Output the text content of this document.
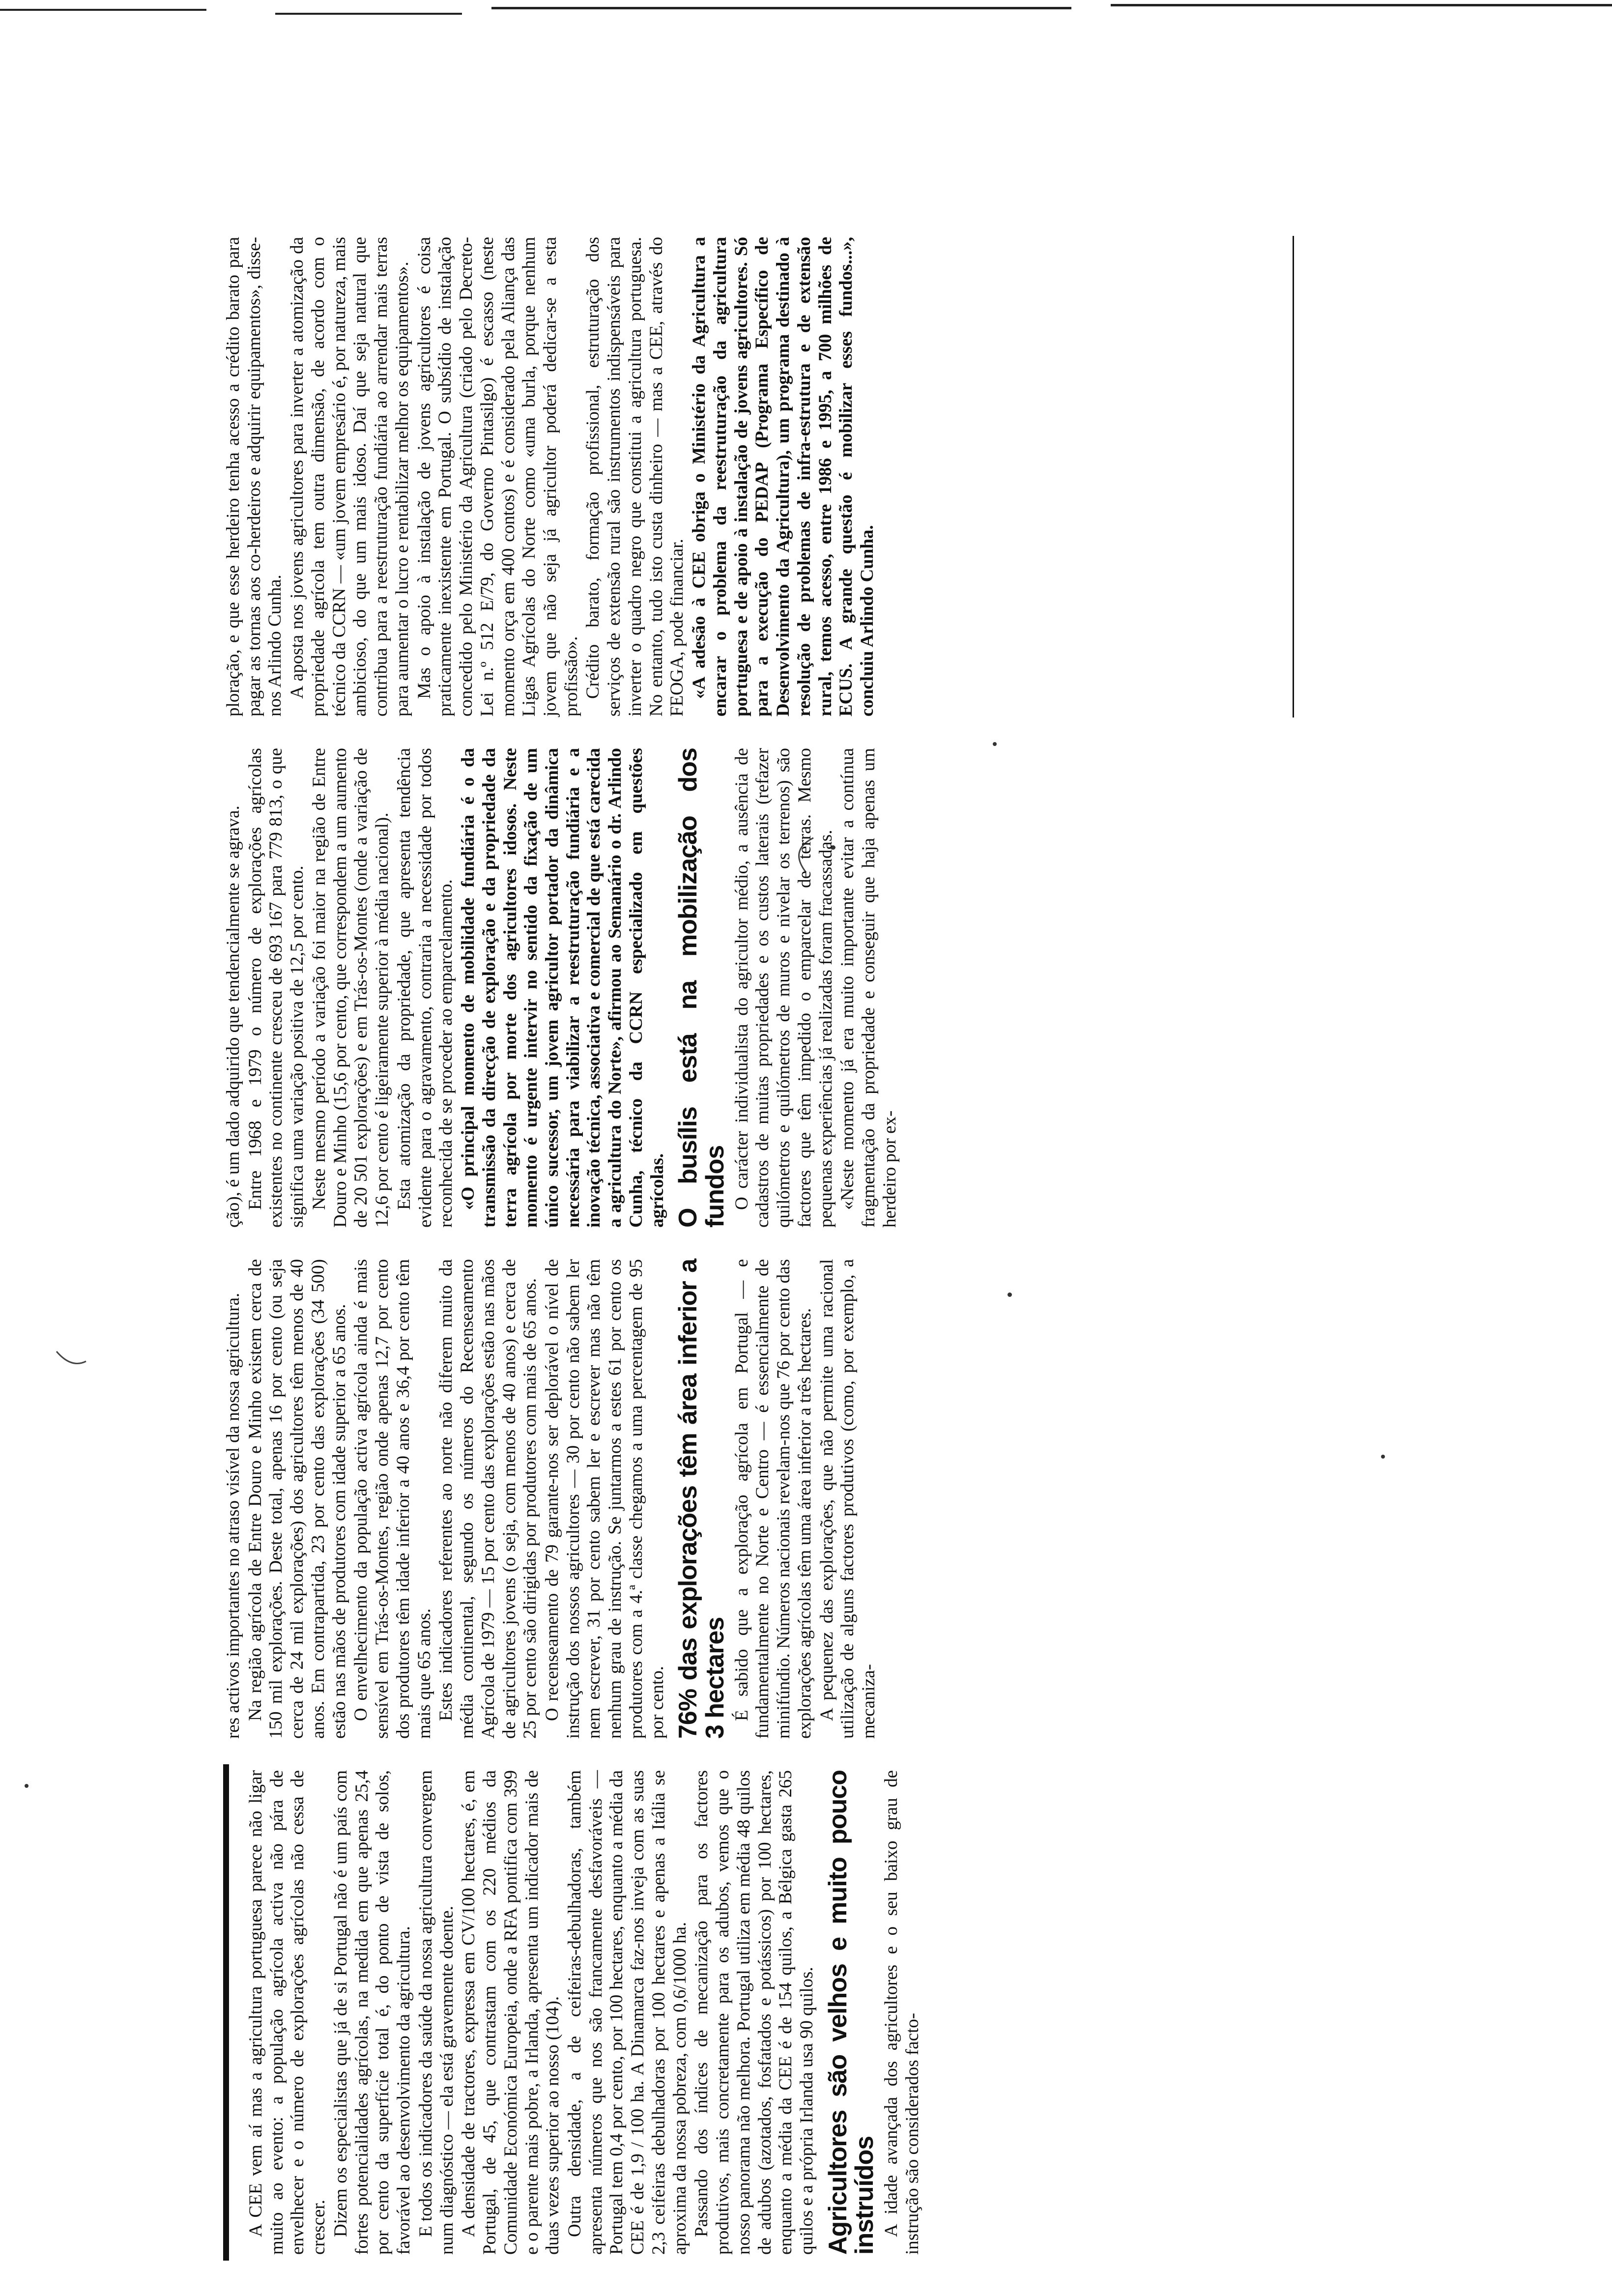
A CEE vem aí mas a agricultura portuguesa parece não ligar muito ao evento: a população agrícola activa não pára de envelhecer e o número de explorações agrícolas não cessa de crescer. Dizem os especialistas que já de si Portugal não é um país com fortes potencialidades agrícolas, na medida em que apenas 25,4 por cento da superfície total é, do ponto de vista de solos, favorável ao desenvolvimento da agricultura. E todos os indicadores da saúde da nossa agricultura convergem num diagnóstico — ela está gravemente doente. A densidade de tractores, expressa em CV/100 hectares, é, em Portugal, de 45, que contrastam com os 220 médios da Comunidade Económica Europeia, onde a RFA pontifica com 399 e o parente mais pobre, a Irlanda, apresenta um indicador mais de duas vezes superior ao nosso (104). Outra densidade, a de ceifeiras-debulhadoras, também apresenta números que nos são francamente desfavoráveis — Portugal tem 0,4 por cento, por 100 hectares, enquanto a média da CEE é de 1,9 / 100 ha. A Dinamarca faz-nos inveja com as suas 2,3 ceifeiras debulhadoras por 100 hectares e apenas a Itália se aproxima da nossa pobreza, com 0,6/1000 ha. Passando dos índices de mecanização para os factores produtivos, mais concretamente para os adubos, vemos que o nosso panorama não melhora. Portugal utiliza em média 48 quilos de adubos (azotados, fosfatados e potássicos) por 100 hectares, enquanto a média da CEE é de 154 quilos, a Bélgica gasta 265 quilos e a própria Irlanda usa 90 quilos. Agricultores são velhos e muito pouco instruídos A idade avançada dos agricultores e o seu baixo grau de instrução são considerados facto-

res activos importantes no atraso visível da nossa agricultura. Na região agrícola de Entre Douro e Minho existem cerca de 150 mil explorações. Deste total, apenas 16 por cento (ou seja cerca de 24 mil explorações) dos agricultores têm menos de 40 anos. Em contrapartida, 23 por cento das explorações (34 500) estão nas mãos de produtores com idade superior a 65 anos. O envelhecimento da população activa agrícola ainda é mais sensível em Trás-os-Montes, região onde apenas 12,7 por cento dos produtores têm idade inferior a 40 anos e 36,4 por cento têm mais que 65 anos. Estes indicadores referentes ao norte não diferem muito da média continental, segundo os números do Recenseamento Agrícola de 1979 — 15 por cento das explorações estão nas mãos de agricultores jovens (o seja, com menos de 40 anos) e cerca de 25 por cento são dirigidas por produtores com mais de 65 anos. O recenseamento de 79 garante-nos ser deplorável o nível de instrução dos nossos agricultores — 30 por cento não sabem ler nem escrever, 31 por cento sabem ler e escrever mas não têm nenhum grau de instrução. Se juntarmos a estes 61 por cento os produtores com a 4.ª classe chegamos a uma percentagem de 95 por cento. 76% das explorações têm área inferior a 3 hectares É sabido que a exploração agrícola em Portugal — e fundamentalmente no Norte e Centro — é essencialmente de minifúndio. Números nacionais revelam-nos que 76 por cento das explorações agrícolas têm uma área inferior a três hectares. A pequenez das explorações, que não permite uma racional utilização de alguns factores produtivos (como, por exemplo, a mecaniza-

ção), é um dado adquirido que tendencialmente se agrava. Entre 1968 e 1979 o número de explorações agrícolas existentes no continente cresceu de 693 167 para 779 813, o que significa uma variação positiva de 12,5 por cento. Neste mesmo período a variação foi maior na região de Entre Douro e Minho (15,6 por cento, que correspondem a um aumento de 20 501 explorações) e em Trás-os-Montes (onde a variação de 12,6 por cento é ligeiramente superior à média nacional). Esta atomização da propriedade, que apresenta tendência evidente para o agravamento, contraria a necessidade por todos reconhecida de se proceder ao emparcelamento. «O principal momento de mobilidade fundiária é o da transmissão da direcção de exploração e da propriedade da terra agrícola por morte dos agricultores idosos. Neste momento é urgente intervir no sentido da fixação de um único sucessor, um jovem agricultor portador da dinâmica necessária para viabilizar a reestruturação fundiária e a inovação técnica, associativa e comercial de que está carecida a agricultura do Norte», afirmou ao Semanário o dr. Arlindo Cunha, técnico da CCRN especializado em questões agrícolas. O busílis está na mobilização dos fundos O carácter individualista do agricultor médio, a ausência de cadastros de muitas propriedades e os custos laterais (refazer quilómetros e quilómetros de muros e nivelar os terrenos) são factores que têm impedido o emparcelar de terras. Mesmo pequenas experiências já realizadas foram fracassadas. «Neste momento já era muito importante evitar a contínua fragmentação da propriedade e conseguir que haja apenas um herdeiro por ex-

ploração, e que esse herdeiro tenha acesso a crédito barato para pagar as tornas aos co-herdeiros e adquirir equipamentos», disse-nos Arlindo Cunha. A aposta nos jovens agricultores para inverter a atomização da propriedade agrícola tem outra dimensão, de acordo com o técnico da CCRN — «um jovem empresário é, por natureza, mais ambicioso, do que um mais idoso. Daí que seja natural que contribua para a reestruturação fundiária ao arrendar mais terras para aumentar o lucro e rentabilizar melhor os equipamentos». Mas o apoio à instalação de jovens agricultores é coisa praticamente inexistente em Portugal. O subsídio de instalação concedido pelo Ministério da Agricultura (criado pelo Decreto-Lei n.º 512 E/79, do Governo Pintasilgo) é escasso (neste momento orça em 400 contos) e é considerado pela Aliança das Ligas Agrícolas do Norte como «uma burla, porque nenhum jovem que não seja já agricultor poderá dedicar-se a esta profissão». Crédito barato, formação profissional, estruturação dos serviços de extensão rural são instrumentos indispensáveis para inverter o quadro negro que constitui a agricultura portuguesa. No entanto, tudo isto custa dinheiro — mas a CEE, através do FEOGA, pode financiar. «A adesão à CEE obriga o Ministério da Agricultura a encarar o problema da reestruturação da agricultura portuguesa e de apoio à instalação de jovens agricultores. Só para a execução do PEDAP (Programa Específico de Desenvolvimento da Agricultura), um programa destinado à resolução de problemas de infra-estrutura e de extensão rural, temos acesso, entre 1986 e 1995, a 700 milhões de ECUS. A grande questão é mobilizar esses fundos...», concluiu Arlindo Cunha.
